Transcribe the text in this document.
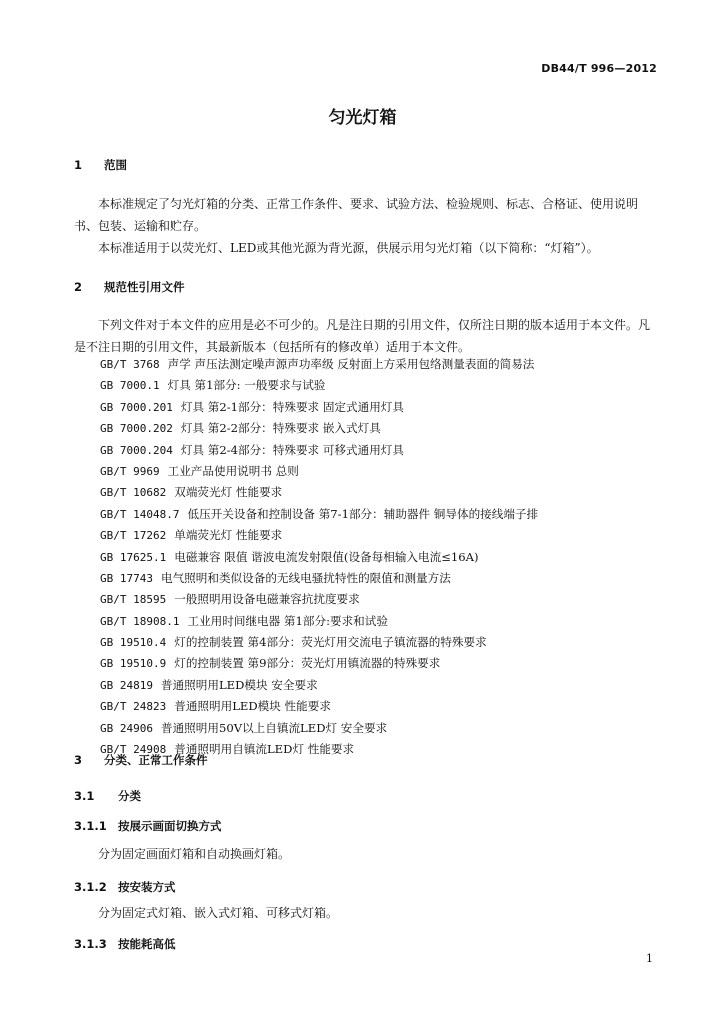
DB44/T 996—2012
匀光灯箱
1 范围
本标准规定了匀光灯箱的分类、正常工作条件、要求、试验方法、检验规则、标志、合格证、使用说明书、包装、运输和贮存。
本标准适用于以荧光灯、LED或其他光源为背光源，供展示用匀光灯箱（以下简称：“灯箱”）。
2 规范性引用文件
下列文件对于本文件的应用是必不可少的。凡是注日期的引用文件，仅所注日期的版本适用于本文件。凡是不注日期的引用文件，其最新版本（包括所有的修改单）适用于本文件。
GB/T 3768 声学 声压法测定噪声源声功率级 反射面上方采用包络测量表面的简易法
GB 7000.1 灯具 第1部分: 一般要求与试验
GB 7000.201 灯具 第2-1部分：特殊要求 固定式通用灯具
GB 7000.202 灯具 第2-2部分：特殊要求 嵌入式灯具
GB 7000.204 灯具 第2-4部分：特殊要求 可移式通用灯具
GB/T 9969 工业产品使用说明书 总则
GB/T 10682 双端荧光灯 性能要求
GB/T 14048.7 低压开关设备和控制设备 第7-1部分：辅助器件 铜导体的接线端子排
GB/T 17262 单端荧光灯 性能要求
GB 17625.1 电磁兼容 限值 谐波电流发射限值(设备每相输入电流≤16A)
GB 17743 电气照明和类似设备的无线电骚扰特性的限值和测量方法
GB/T 18595 一般照明用设备电磁兼容抗扰度要求
GB/T 18908.1 工业用时间继电器 第1部分:要求和试验
GB 19510.4 灯的控制装置 第4部分：荧光灯用交流电子镇流器的特殊要求
GB 19510.9 灯的控制装置 第9部分：荧光灯用镇流器的特殊要求
GB 24819 普通照明用LED模块 安全要求
GB/T 24823 普通照明用LED模块 性能要求
GB 24906 普通照明用50V以上自镇流LED灯 安全要求
GB/T 24908 普通照明用自镇流LED灯 性能要求
3 分类、正常工作条件
3.1 分类
3.1.1 按展示画面切换方式
分为固定画面灯箱和自动换画灯箱。
3.1.2 按安装方式
分为固定式灯箱、嵌入式灯箱、可移式灯箱。
3.1.3 按能耗高低
1
